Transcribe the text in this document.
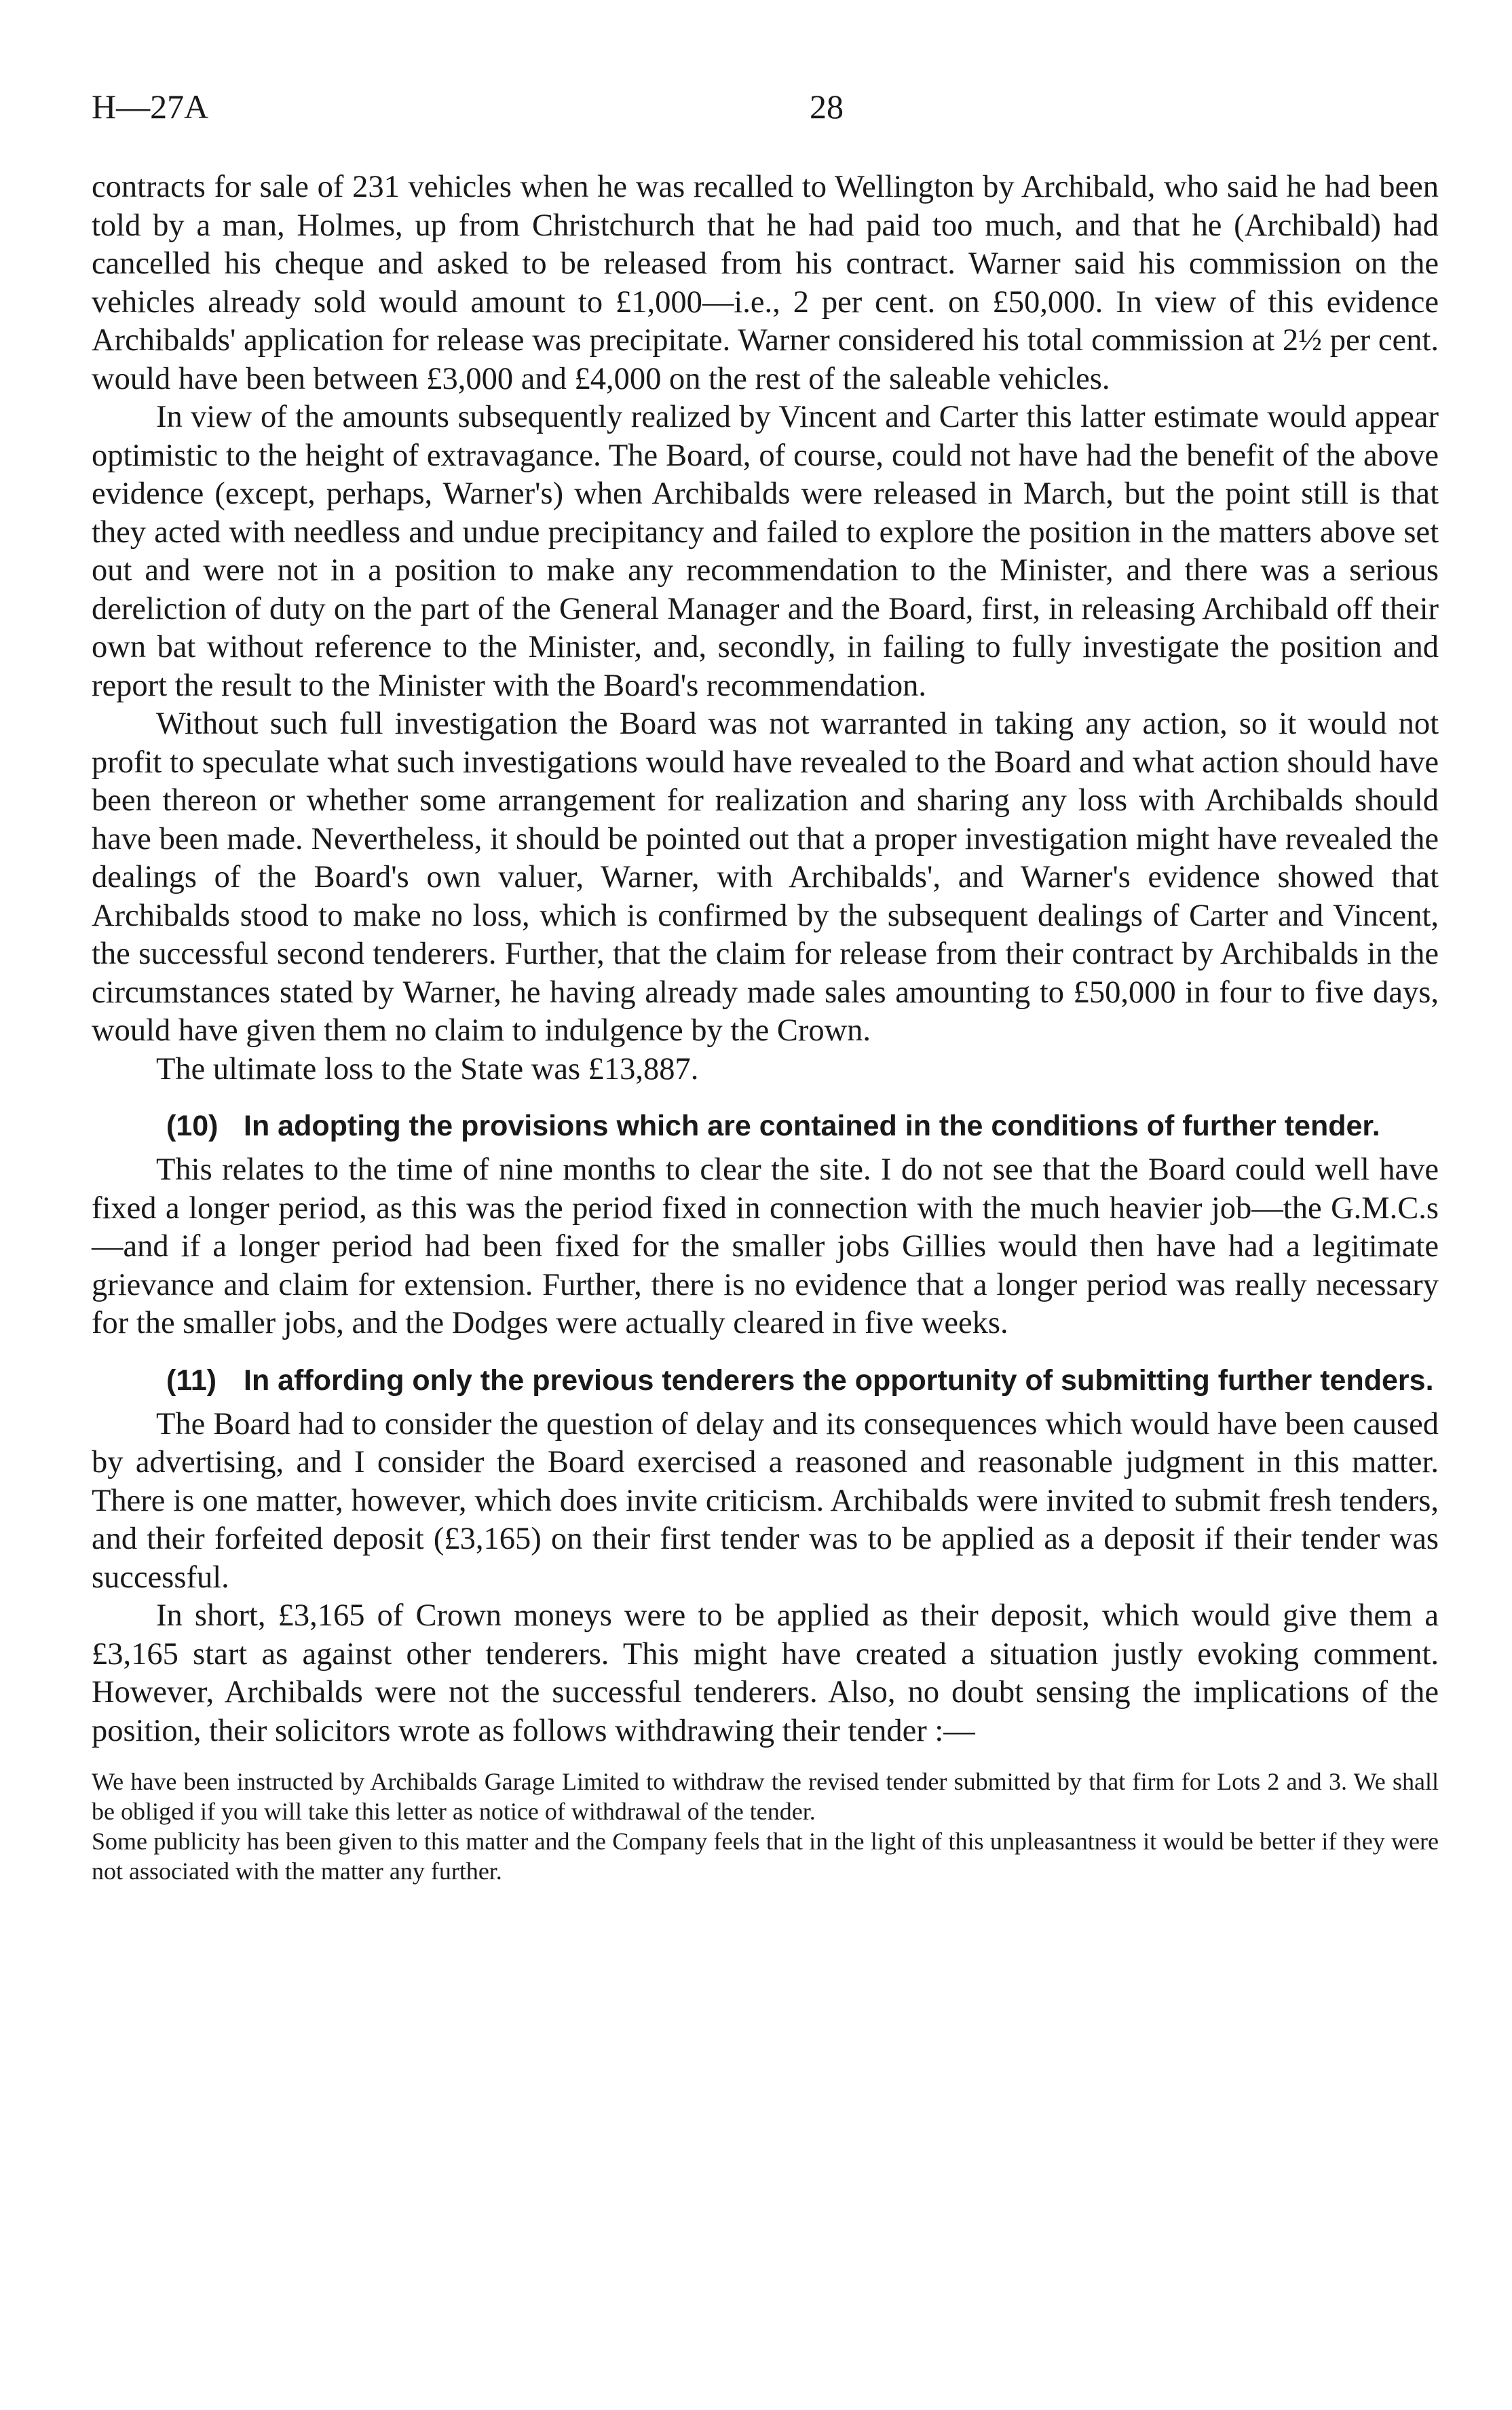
H—27A	28

contracts for sale of 231 vehicles when he was recalled to Wellington by Archibald, who said he had been told by a man, Holmes, up from Christchurch that he had paid too much, and that he (Archibald) had cancelled his cheque and asked to be released from his contract. Warner said his commission on the vehicles already sold would amount to £1,000—i.e., 2 per cent. on £50,000. In view of this evidence Archibalds' application for release was precipitate. Warner considered his total commission at 2½ per cent. would have been between £3,000 and £4,000 on the rest of the saleable vehicles.

In view of the amounts subsequently realized by Vincent and Carter this latter estimate would appear optimistic to the height of extravagance. The Board, of course, could not have had the benefit of the above evidence (except, perhaps, Warner's) when Archibalds were released in March, but the point still is that they acted with needless and undue precipitancy and failed to explore the position in the matters above set out and were not in a position to make any recommendation to the Minister, and there was a serious dereliction of duty on the part of the General Manager and the Board, first, in releasing Archibald off their own bat without reference to the Minister, and, secondly, in failing to fully investigate the position and report the result to the Minister with the Board's recommendation.

Without such full investigation the Board was not warranted in taking any action, so it would not profit to speculate what such investigations would have revealed to the Board and what action should have been thereon or whether some arrangement for realization and sharing any loss with Archibalds should have been made. Nevertheless, it should be pointed out that a proper investigation might have revealed the dealings of the Board's own valuer, Warner, with Archibalds', and Warner's evidence showed that Archibalds stood to make no loss, which is confirmed by the subsequent dealings of Carter and Vincent, the successful second tenderers. Further, that the claim for release from their contract by Archibalds in the circumstances stated by Warner, he having already made sales amounting to £50,000 in four to five days, would have given them no claim to indulgence by the Crown.

The ultimate loss to the State was £13,887.

(10) In adopting the provisions which are contained in the conditions of further tender.

This relates to the time of nine months to clear the site. I do not see that the Board could well have fixed a longer period, as this was the period fixed in connection with the much heavier job—the G.M.C.s—and if a longer period had been fixed for the smaller jobs Gillies would then have had a legitimate grievance and claim for extension. Further, there is no evidence that a longer period was really necessary for the smaller jobs, and the Dodges were actually cleared in five weeks.

(11) In affording only the previous tenderers the opportunity of submitting further tenders.

The Board had to consider the question of delay and its consequences which would have been caused by advertising, and I consider the Board exercised a reasoned and reasonable judgment in this matter. There is one matter, however, which does invite criticism. Archibalds were invited to submit fresh tenders, and their forfeited deposit (£3,165) on their first tender was to be applied as a deposit if their tender was successful.

In short, £3,165 of Crown moneys were to be applied as their deposit, which would give them a £3,165 start as against other tenderers. This might have created a situation justly evoking comment. However, Archibalds were not the successful tenderers. Also, no doubt sensing the implications of the position, their solicitors wrote as follows withdrawing their tender :—

We have been instructed by Archibalds Garage Limited to withdraw the revised tender submitted by that firm for Lots 2 and 3. We shall be obliged if you will take this letter as notice of withdrawal of the tender.

Some publicity has been given to this matter and the Company feels that in the light of this unpleasantness it would be better if they were not associated with the matter any further.
